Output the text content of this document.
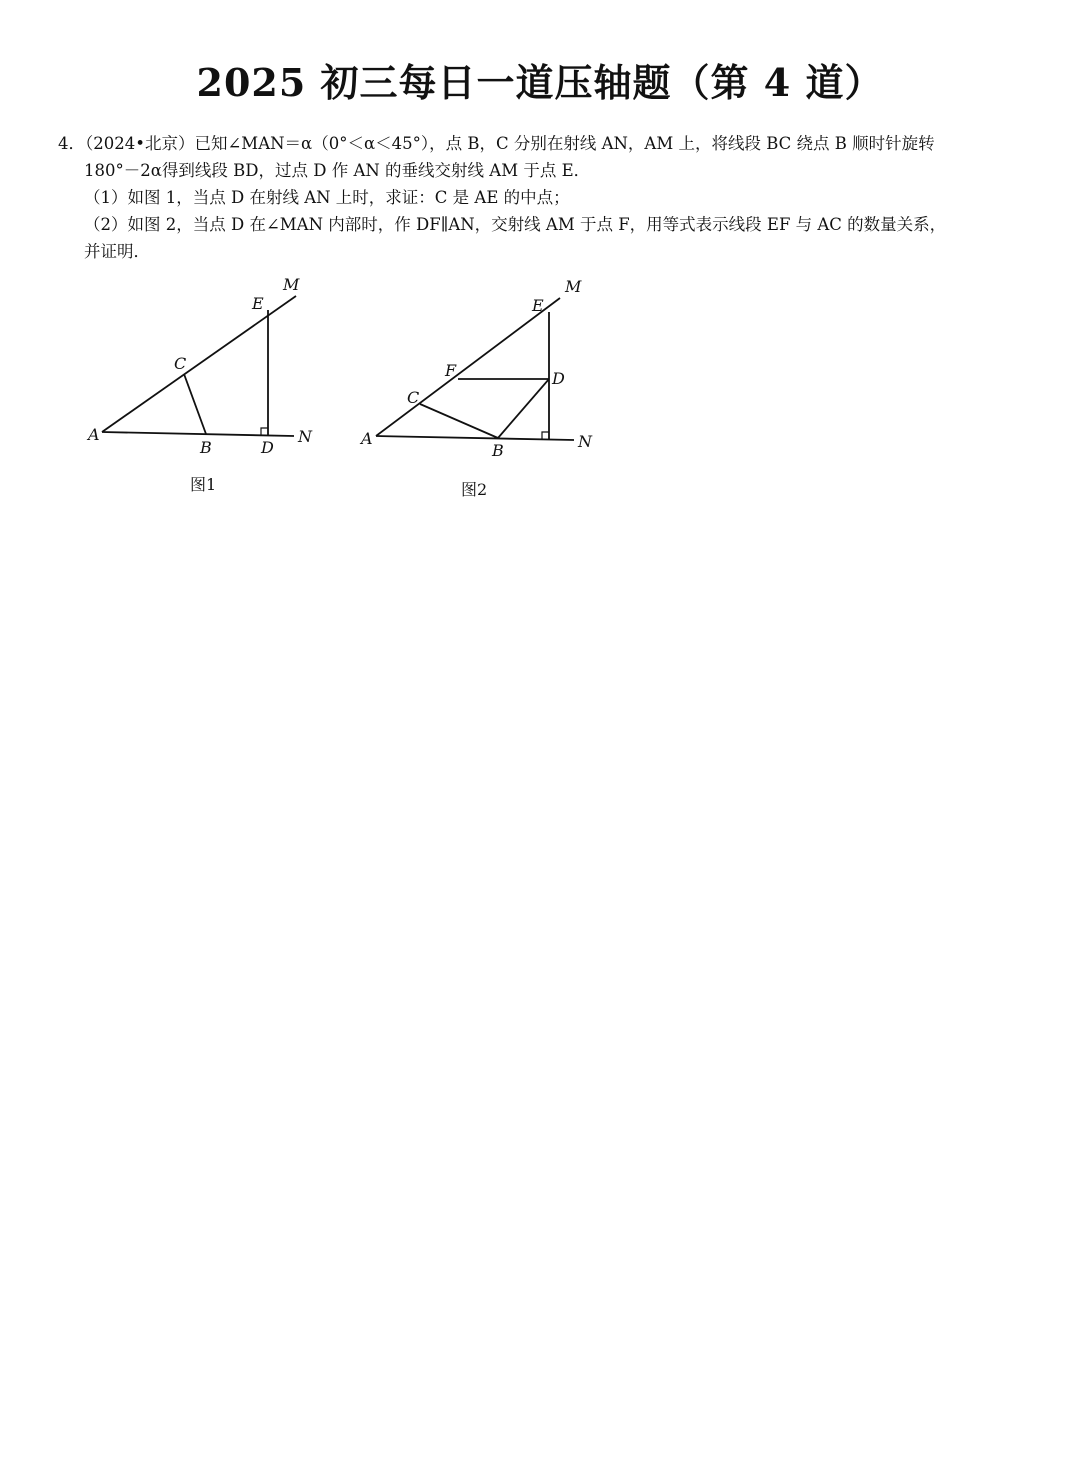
2025 初三每日一道压轴题（第 4 道）

4．（2024•北京）已知∠MAN＝α（0°＜α＜45°），点 B，C 分别在射线 AN，AM 上，将线段 BC 绕点 B 顺时针旋转

180°－2α得到线段 BD，过点 D 作 AN 的垂线交射线 AM 于点 E．

（1）如图 1，当点 D 在射线 AN 上时，求证：C 是 AE 的中点；

（2）如图 2，当点 D 在∠MAN 内部时，作 DF∥AN，交射线 AM 于点 F，用等式表示线段 EF 与 AC 的数量关系，

并证明．

A
B
C
D
E
M
N
图1
A
B
C
D
E
F
M
N
图2
